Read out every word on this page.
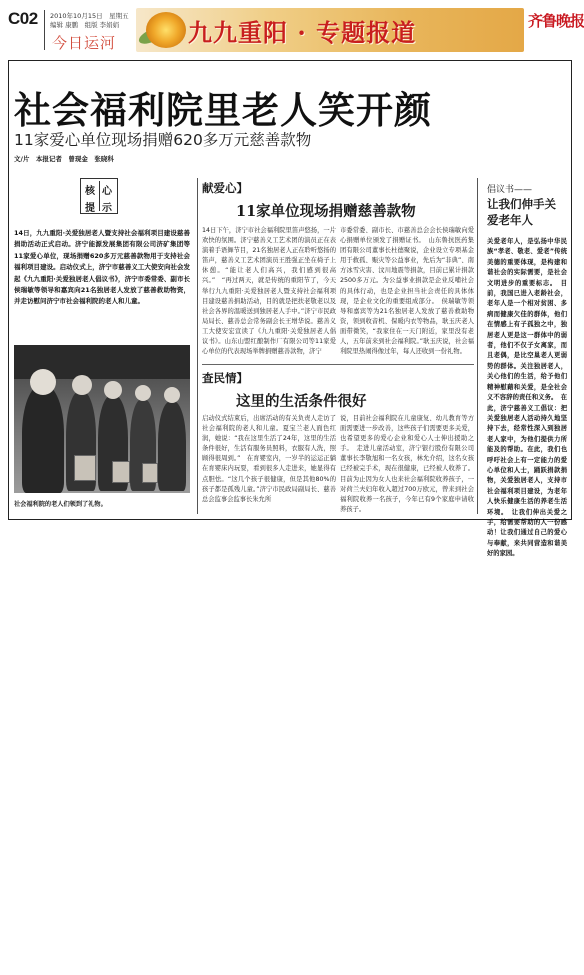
C02 2010年10月15日　星期五
编辑 康鹏　组版 李娟娟
今日运河	九九重阳 · 专题报道	齐鲁晚报
社会福利院里老人笑开颜
11家爱心单位现场捐赠620多万元慈善款物
文/片　本报记者　曾现金　张晓科
核 心
提 示
14日，九九重阳·关爱独居老人暨支持社会福利项目建设慈善捐助活动正式启动。济宁能源发展集团有限公司济矿集团等11家爱心单位，现场捐赠620多万元慈善款物用于支持社会福利项目建设。启动仪式上，济宁市慈善义工大使安向社会发起《九九重阳·关爱独居老人倡议书》，济宁市委常委、副市长侯瑞敏等领导和嘉宾向21名独居老人发放了慈善救助物资，并走访慰问济宁市社会福利院的老人和儿童。
社会福利院的老人们领到了礼物。
献爱心】
11家单位现场捐赠慈善款物
14日下午，济宁市社会福利院里笛声悠扬，一片欢快的氛围。济宁慈善义工艺术团的演员正在表演着手语舞节目，21名独居老人正在聆听悠扬的笛声，慈善义工艺术团演员王胜强正坐在椅子上休憩。“能让老人们高兴，我们感到很高兴。”　“再过两天，就是传统的重阳节了，今天举行九九重阳·关爱独居老人暨支持社会福利项目建设慈善捐助活动，目的就是把扶老敬老以及社会各界的温暖送到独居老人手中。”济宁市民政局局长、慈善总会常务副会长王增华说。慈善义工大使安宏宣读了《九九重阳·关爱独居老人倡议书》。山东山盟红酿制作厂有限公司等11家爱心单位的代表现场举牌捐赠慈善款物，济宁
市委常委、副市长、市慈善总会会长侯瑞敏向爱心捐赠单位颁发了捐赠证书。　山东鲁抗医药集团有限公司董事长杜德聚说，企业设立专项基金用于救孤、赈灾等公益事业，先后为“非典”、南方冰雪灾害、汶川地震等捐款，目前已累计捐款2500多万元。为公益事业捐款是企业反哺社会的具体行动，也是企业担当社会责任的具体体现，是企业文化的重要组成部分。　侯瑞敏等领导和嘉宾等为21名独居老人发放了慈善救助物资，领到收音机、保暖内衣等物品，耿玉庆老人面带微笑，“我家住在一天门附近，家里没有老人，五年前来到社会福利院。”耿玉庆说，社会福利院里热闹得像过年，每人还收到一份礼物。
查民情】
这里的生活条件很好
启动仪式结束后，出席活动的有关负责人走访了社会福利院的老人和儿童。夏宝兰老人面色红润，她说：“我在这里生活了24年，这里的生活条件很好，生活有服务员照料，衣服有人洗，照顾得很周到。”　在育婴室内，一岁半的运运正躺在育婴床内玩耍，看到很多人走进来，她显得有点胆怯。“这几个孩子很健康，但是其他80%的孩子都是孤残儿童。”济宁市民政局副局长、慈善总会监事会监事长朱允所
说，目前社会福利院在儿童康复、幼儿教育等方面需要进一步改善，这些孩子们需要更多关爱，也希望更多的爱心企业和爱心人士伸出援助之手。　走进儿童活动室，济宁银行股份有限公司董事长李敬旭和一名女孩，林允介绍，这名女孩已经被完手术，现在很健康，已经被人收养了。目前为止因为女人也来社会福利院收养孩子，一对荷兰夫妇年收入超过700万欧元，曾来到社会福利院收养一名孩子，今年已有9个家庭申请收养孩子。
倡议书——
让我们伸手关爱老年人
关爱老年人，是弘扬中华民族“孝老、敬老、爱老”传统美德的重要体现，是构建和谐社会的实际需要，是社会文明进步的重要标志。　目前，我国已进入老龄社会，老年人是一个相对贫困、多病而健康欠佳的群体，他们在情感上有子孤独之中，独居老人更是这一群体中的弱者，他们不仅子女离家，而且老偶，是比空巢老人更弱势的群体。关注独居老人，关心他们的生活，给予他们精神慰藉和关爱，是全社会义不容辞的责任和义务。　在此，济宁慈善义工倡议：把关爱独居老人活动持久地坚持下去，经常性深入到独居老人家中，为他们提供力所能及的帮助。在此，我们也呼吁社会上有一定能力的爱心单位和人士，踊跃捐款捐物，关爱独居老人，支持市社会福利项目建设，为老年人快乐健康生活的养老生活环境。　让我们伸出关爱之手，给需要帮助的人一份感动！让我们通过自己的爱心与奉献，来共同营造和谐美好的家园。
